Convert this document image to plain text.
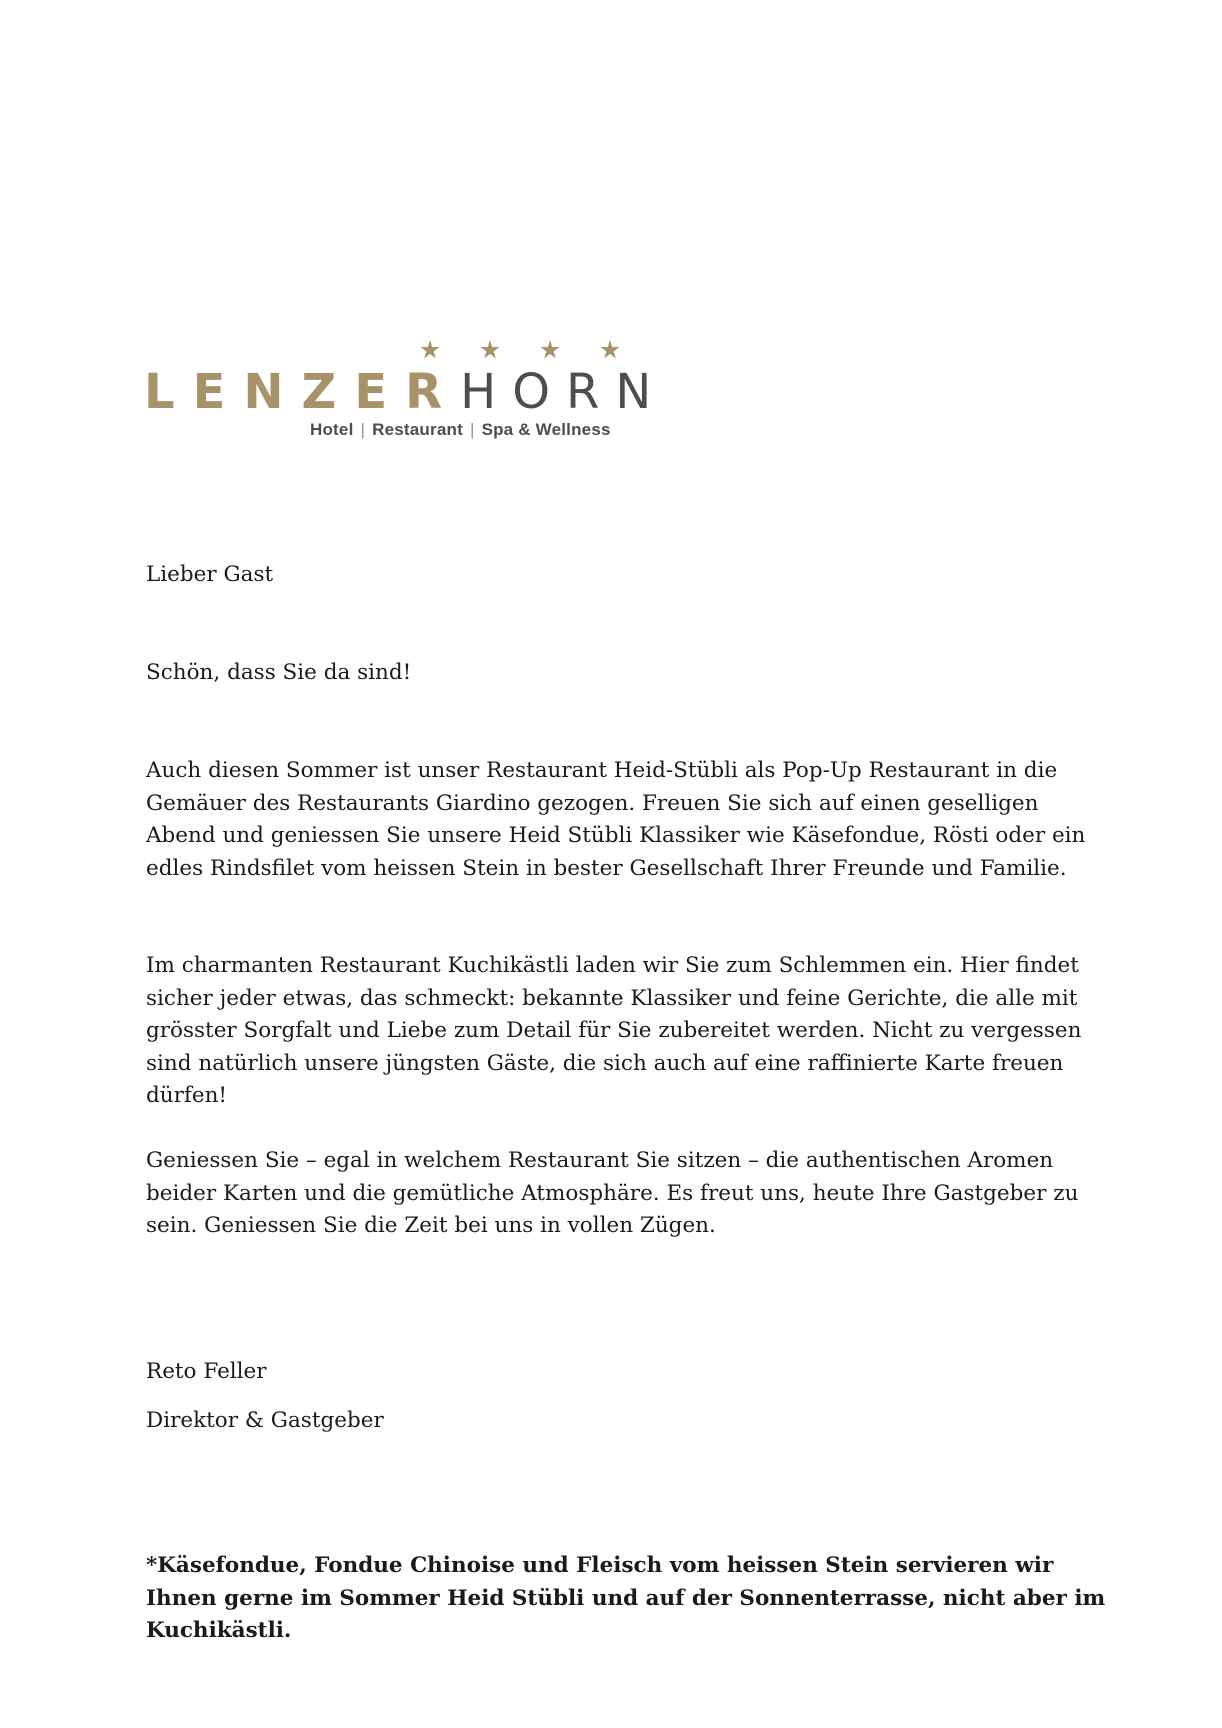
LENZERHORN
Hotel | Restaurant | Spa & Wellness

Lieber Gast

Schön, dass Sie da sind!

Auch diesen Sommer ist unser Restaurant Heid-Stübli als Pop-Up Restaurant in die Gemäuer des Restaurants Giardino gezogen. Freuen Sie sich auf einen geselligen Abend und geniessen Sie unsere Heid Stübli Klassiker wie Käsefondue, Rösti oder ein edles Rindsfilet vom heissen Stein in bester Gesellschaft Ihrer Freunde und Familie.

Im charmanten Restaurant Kuchikästli laden wir Sie zum Schlemmen ein. Hier findet sicher jeder etwas, das schmeckt: bekannte Klassiker und feine Gerichte, die alle mit grösster Sorgfalt und Liebe zum Detail für Sie zubereitet werden. Nicht zu vergessen sind natürlich unsere jüngsten Gäste, die sich auch auf eine raffinierte Karte freuen dürfen!

Geniessen Sie – egal in welchem Restaurant Sie sitzen – die authentischen Aromen beider Karten und die gemütliche Atmosphäre. Es freut uns, heute Ihre Gastgeber zu sein. Geniessen Sie die Zeit bei uns in vollen Zügen.

Reto Feller

Direktor & Gastgeber

*Käsefondue, Fondue Chinoise und Fleisch vom heissen Stein servieren wir Ihnen gerne im Sommer Heid Stübli und auf der Sonnenterrasse, nicht aber im Kuchikästli.
